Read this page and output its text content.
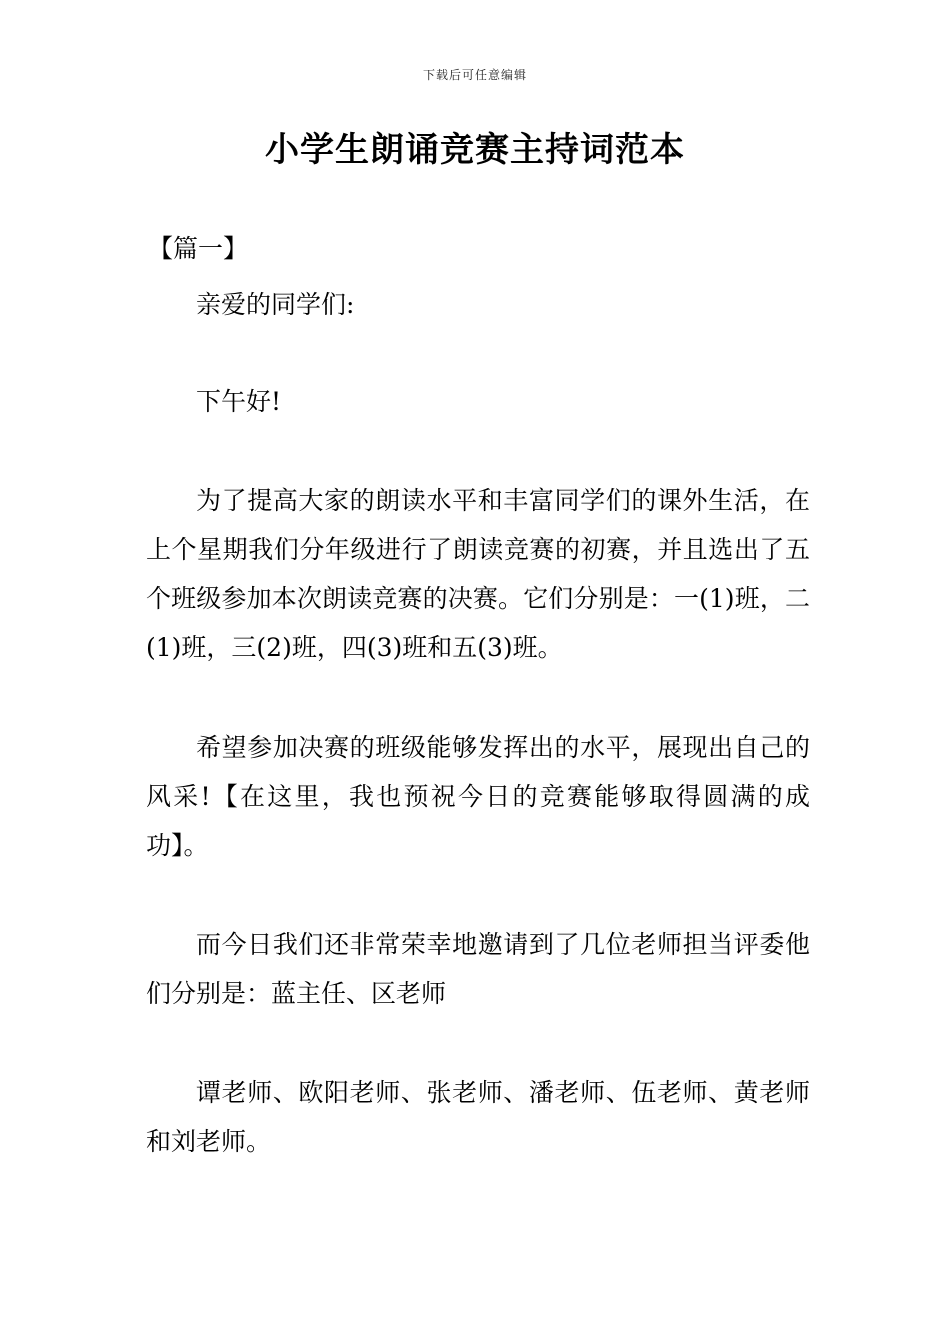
下载后可任意编辑
小学生朗诵竞赛主持词范本
【篇一】

亲爱的同学们:

下午好!

为了提高大家的朗读水平和丰富同学们的课外生活，在上个星期我们分年级进行了朗读竞赛的初赛，并且选出了五个班级参加本次朗读竞赛的决赛。它们分别是：一(1)班，二(1)班，三(2)班，四(3)班和五(3)班。

希望参加决赛的班级能够发挥出的水平，展现出自己的风采!【在这里，我也预祝今日的竞赛能够取得圆满的成功】。

而今日我们还非常荣幸地邀请到了几位老师担当评委他们分别是：蓝主任、区老师

谭老师、欧阳老师、张老师、潘老师、伍老师、黄老师和刘老师。
